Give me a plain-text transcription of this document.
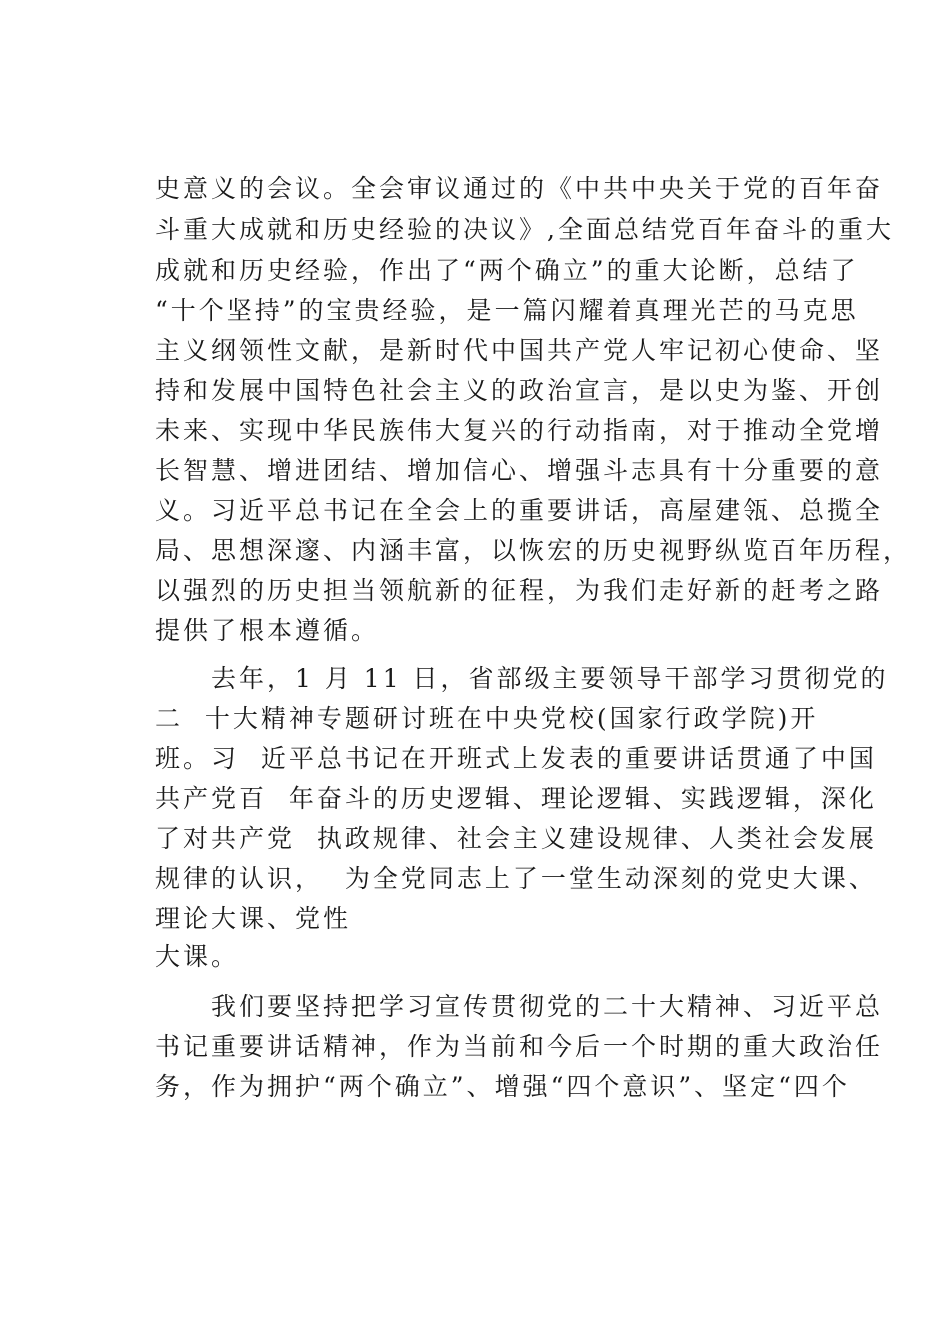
史意义的会议。全会审议通过的《中共中央关于党的百年奋
斗重大成就和历史经验的决议》,全面总结党百年奋斗的重大
成就和历史经验，作出了“两个确立”的重大论断，总结了
“十个坚持”的宝贵经验，是一篇闪耀着真理光芒的马克思
主义纲领性文献，是新时代中国共产党人牢记初心使命、坚
持和发展中国特色社会主义的政治宣言，是以史为鉴、开创
未来、实现中华民族伟大复兴的行动指南，对于推动全党增
长智慧、增进团结、增加信心、增强斗志具有十分重要的意
义。习近平总书记在全会上的重要讲话，高屋建瓴、总揽全
局、思想深邃、内涵丰富，以恢宏的历史视野纵览百年历程，
以强烈的历史担当领航新的征程，为我们走好新的赶考之路
提供了根本遵循。
　　去年，1 月 11 日，省部级主要领导干部学习贯彻党的
二  十大精神专题研讨班在中央党校(国家行政学院)开
班。习  近平总书记在开班式上发表的重要讲话贯通了中国
共产党百  年奋斗的历史逻辑、理论逻辑、实践逻辑，深化
了对共产党  执政规律、社会主义建设规律、人类社会发展
规律的认识，  为全党同志上了一堂生动深刻的党史大课、
理论大课、党性
大课。
　　我们要坚持把学习宣传贯彻党的二十大精神、习近平总
书记重要讲话精神，作为当前和今后一个时期的重大政治任
务，作为拥护“两个确立”、增强“四个意识”、坚定“四个
